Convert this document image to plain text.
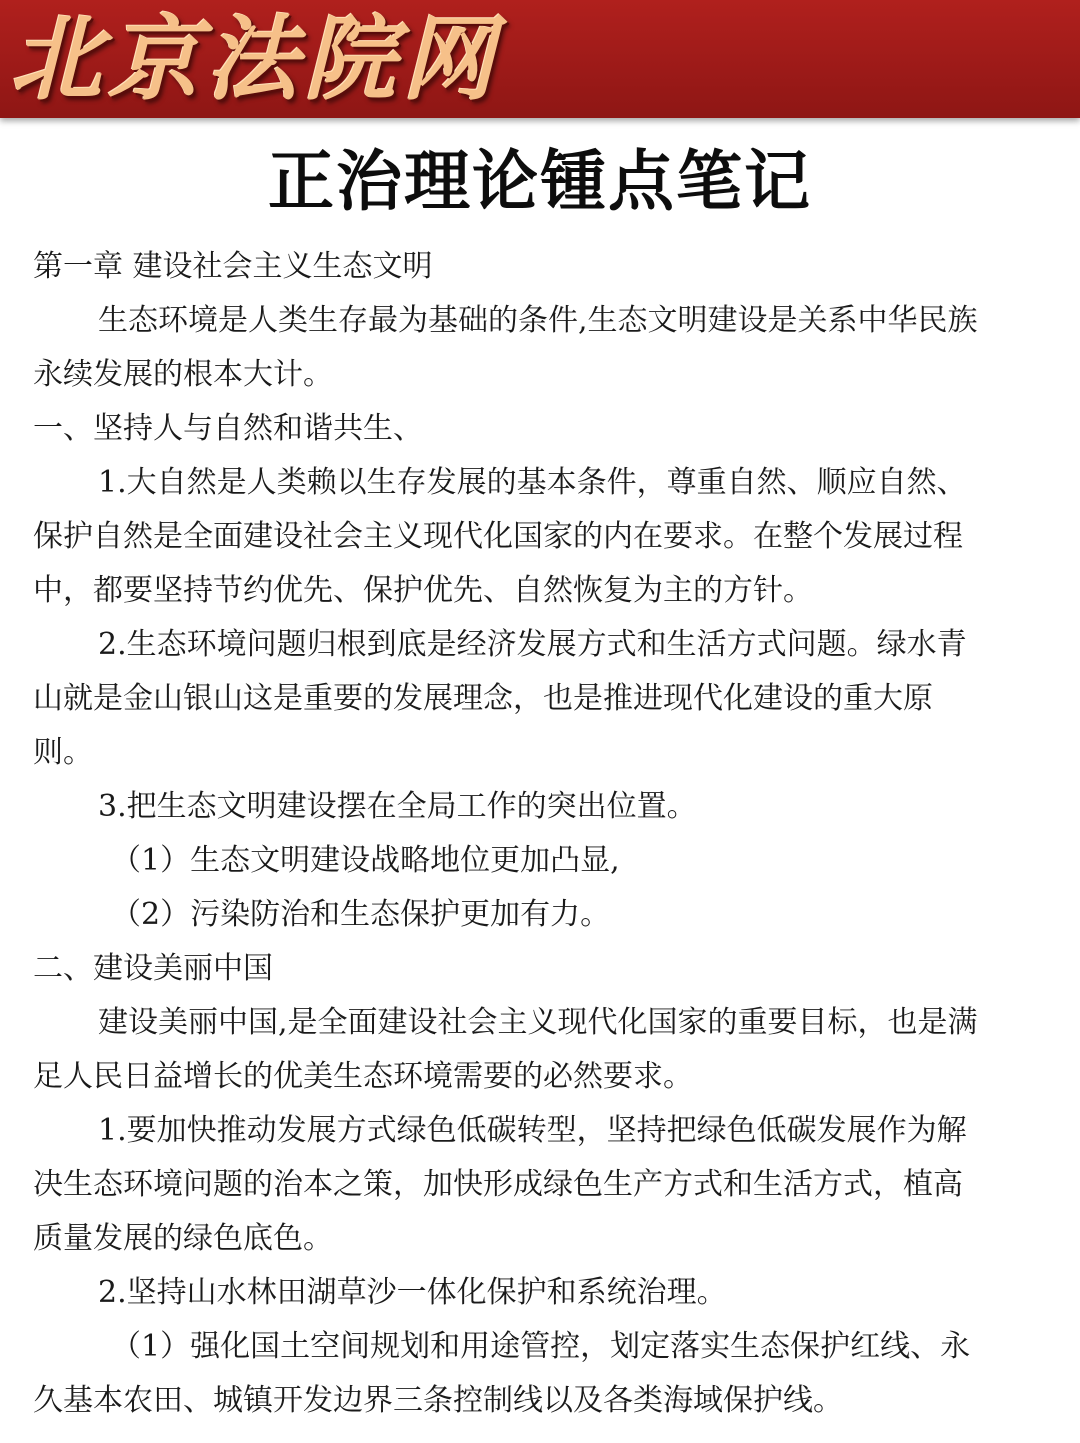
北京法院网
正治理论锺点笔记
第一章 建设社会主义生态文明
生态环境是人类生存最为基础的条件,生态文明建设是关系中华民族
永续发展的根本大计。
一、坚持人与自然和谐共生、
1.大自然是人类赖以生存发展的基本条件，尊重自然、顺应自然、
保护自然是全面建设社会主义现代化国家的内在要求。在整个发展过程
中，都要坚持节约优先、保护优先、自然恢复为主的方针。
2.生态环境问题归根到底是经济发展方式和生活方式问题。绿水青
山就是金山银山这是重要的发展理念，也是推进现代化建设的重大原
则。
3.把生态文明建设摆在全局工作的突出位置。
（1）生态文明建设战略地位更加凸显,
（2）污染防治和生态保护更加有力。
二、建设美丽中国
建设美丽中国,是全面建设社会主义现代化国家的重要目标，也是满
足人民日益增长的优美生态环境需要的必然要求。
1.要加快推动发展方式绿色低碳转型，坚持把绿色低碳发展作为解
决生态环境问题的治本之策，加快形成绿色生产方式和生活方式，植高
质量发展的绿色底色。
2.坚持山水林田湖草沙一体化保护和系统治理。
（1）强化国土空间规划和用途管控，划定落实生态保护红线、永
久基本农田、城镇开发边界三条控制线以及各类海域保护线。
